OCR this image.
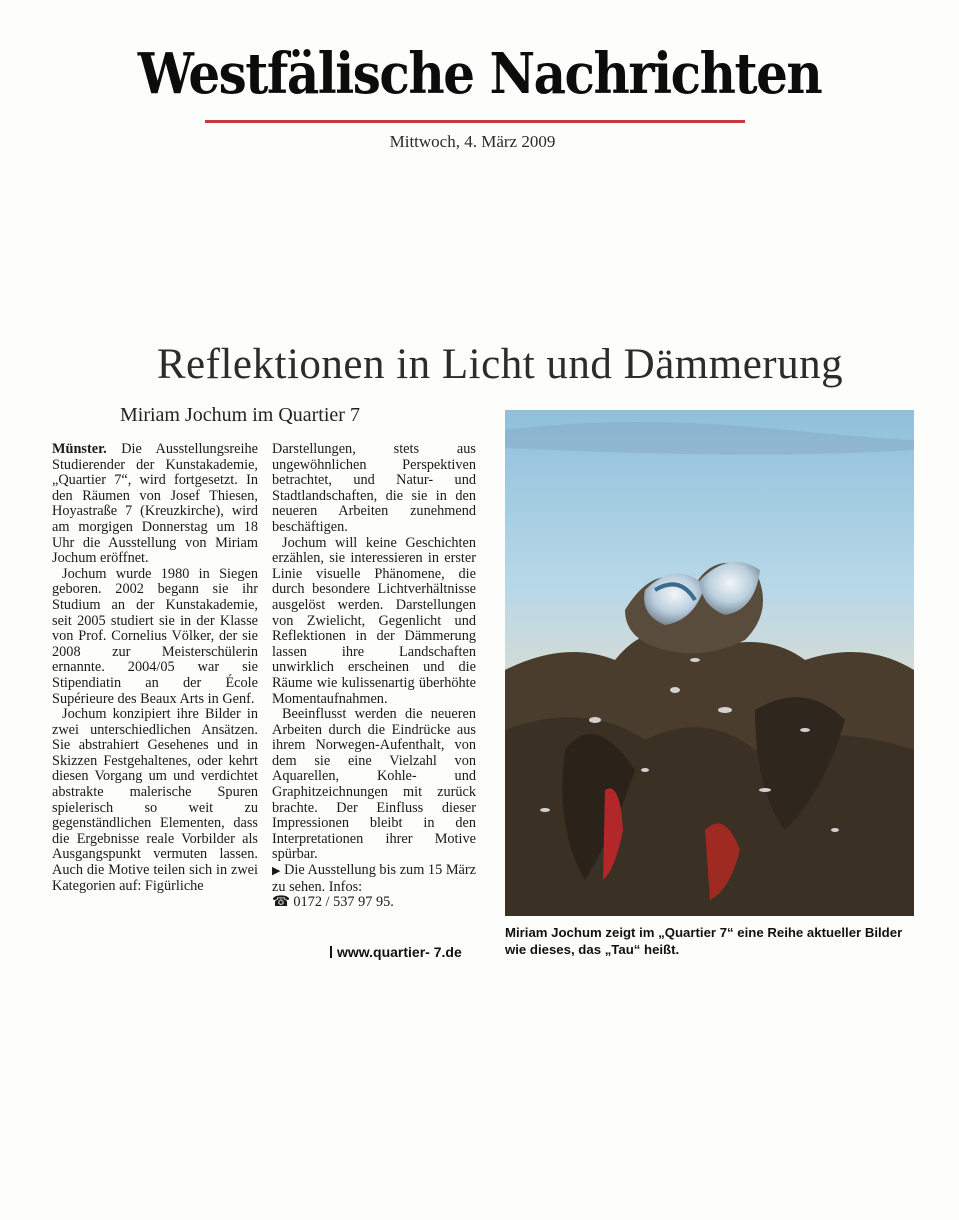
Westfälische Nachrichten
Mittwoch, 4. März 2009
Reflektionen in Licht und Dämmerung
Miriam Jochum im Quartier 7

Münster. Die Ausstellungsreihe Studierender der Kunstakademie, „Quartier 7“, wird fortgesetzt. In den Räumen von Josef Thiesen, Hoyastraße 7 (Kreuzkirche), wird am morgigen Donnerstag um 18 Uhr die Ausstellung von Miriam Jochum eröffnet.

Jochum wurde 1980 in Siegen geboren. 2002 begann sie ihr Studium an der Kunstakademie, seit 2005 studiert sie in der Klasse von Prof. Cornelius Völker, der sie 2008 zur Meisterschülerin ernannte. 2004/05 war sie Stipendiatin an der École Supérieure des Beaux Arts in Genf.

Jochum konzipiert ihre Bilder in zwei unterschiedlichen Ansätzen. Sie abstrahiert Gesehenes und in Skizzen Festgehaltenes, oder kehrt diesen Vorgang um und verdichtet abstrakte malerische Spuren spielerisch so weit zu gegenständlichen Elementen, dass die Ergebnisse reale Vorbilder als Ausgangspunkt vermuten lassen. Auch die Motive teilen sich in zwei Kategorien auf: Figürliche

Darstellungen, stets aus ungewöhnlichen Perspektiven betrachtet, und Natur- und Stadtlandschaften, die sie in den neueren Arbeiten zunehmend beschäftigen.

Jochum will keine Geschichten erzählen, sie interessieren in erster Linie visuelle Phänomene, die durch besondere Lichtverhältnisse ausgelöst werden. Darstellungen von Zwielicht, Gegenlicht und Reflektionen in der Dämmerung lassen ihre Landschaften unwirklich erscheinen und die Räume wie kulissenartig überhöhte Momentaufnahmen.

Beeinflusst werden die neueren Arbeiten durch die Eindrücke aus ihrem Norwegen-Aufenthalt, von dem sie eine Vielzahl von Aquarellen, Kohle- und Graphitzeichnungen mit zurück brachte. Der Einfluss dieser Impressionen bleibt in den Interpretationen ihrer Motive spürbar.

▶ Die Ausstellung bis zum 15 März zu sehen. Infos:
☎ 0172 / 537 97 95.

www.quartier- 7.de
Miriam Jochum zeigt im „Quartier 7“ eine Reihe aktueller Bilder wie dieses, das „Tau“ heißt.
